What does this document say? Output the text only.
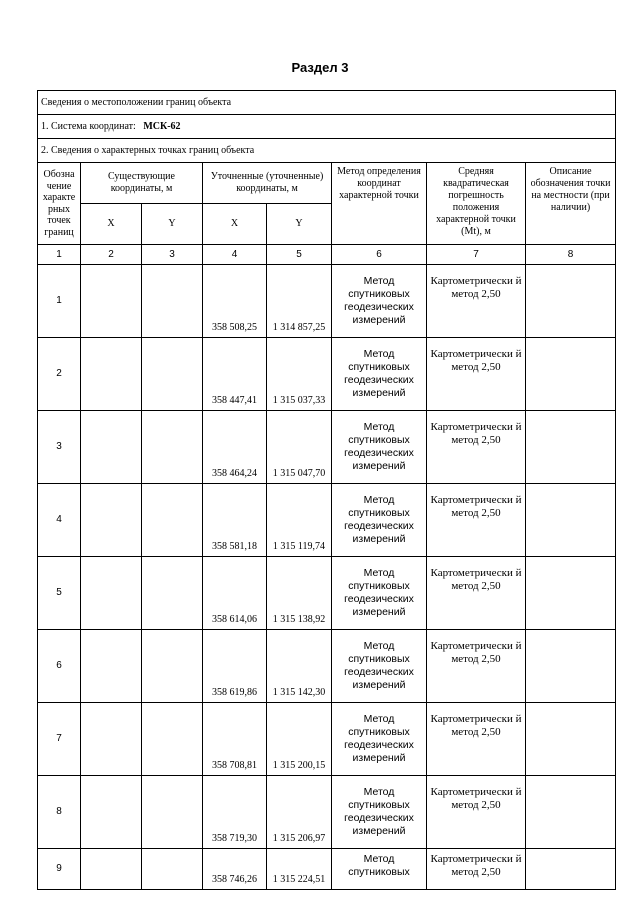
Раздел 3
Сведения о местоположении границ объекта							
1. Система координат: МСК-62							
2. Сведения о характерных точках границ объекта							
Обозна чение характе рных точек границ	Существующие координаты, м		Уточненные (уточненные) координаты, м		Метод определения координат характерной точки	Средняя квадратическая погрешность положения характерной точки (Mt), м	Описание обозначения точки на местности (при наличии)
	X	Y	X	Y			
1	2	3	4	5	6	7	8
1			358 508,25	1 314 857,25	Метод спутниковых геодезических измерений	Картометрически й метод 2,50	
2			358 447,41	1 315 037,33	Метод спутниковых геодезических измерений	Картометрически й метод 2,50	
3			358 464,24	1 315 047,70	Метод спутниковых геодезических измерений	Картометрически й метод 2,50	
4			358 581,18	1 315 119,74	Метод спутниковых геодезических измерений	Картометрически й метод 2,50	
5			358 614,06	1 315 138,92	Метод спутниковых геодезических измерений	Картометрически й метод 2,50	
6			358 619,86	1 315 142,30	Метод спутниковых геодезических измерений	Картометрически й метод 2,50	
7			358 708,81	1 315 200,15	Метод спутниковых геодезических измерений	Картометрически й метод 2,50	
8			358 719,30	1 315 206,97	Метод спутниковых геодезических измерений	Картометрически й метод 2,50	
9			358 746,26	1 315 224,51	Метод спутниковых	Картометрически й метод 2,50	
